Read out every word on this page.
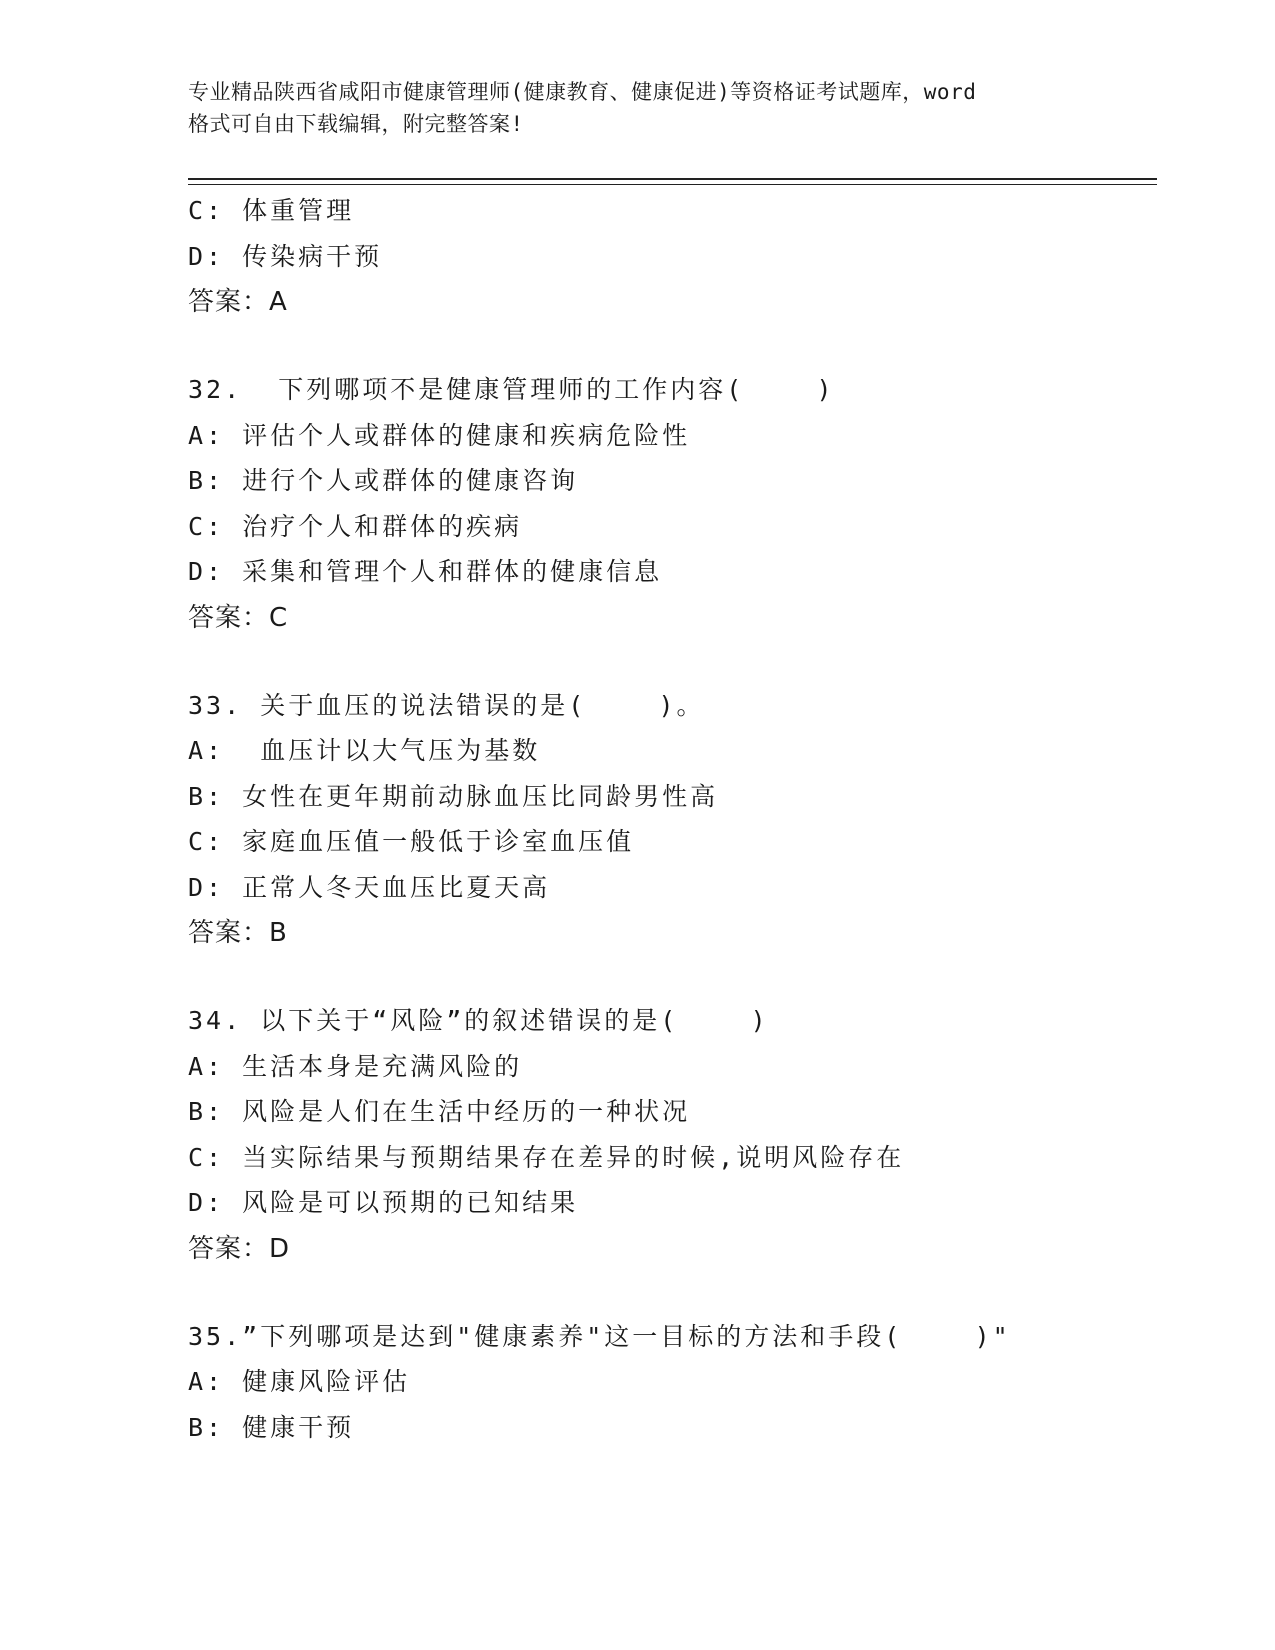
专业精品陕西省咸阳市健康管理师(健康教育、健康促进)等资格证考试题库，word
格式可自由下载编辑，附完整答案!
C: 体重管理
D: 传染病干预
答案：A
32.  下列哪项不是健康管理师的工作内容(    )
A: 评估个人或群体的健康和疾病危险性
B: 进行个人或群体的健康咨询
C: 治疗个人和群体的疾病
D: 采集和管理个人和群体的健康信息
答案：C
33. 关于血压的说法错误的是(    )。
A:  血压计以大气压为基数
B: 女性在更年期前动脉血压比同龄男性高
C: 家庭血压值一般低于诊室血压值
D: 正常人冬天血压比夏天高
答案：B
34. 以下关于“风险”的叙述错误的是(    )
A: 生活本身是充满风险的
B: 风险是人们在生活中经历的一种状况
C: 当实际结果与预期结果存在差异的时候,说明风险存在
D: 风险是可以预期的已知结果
答案：D
35.”下列哪项是达到"健康素养"这一目标的方法和手段(    )"
A: 健康风险评估
B: 健康干预
